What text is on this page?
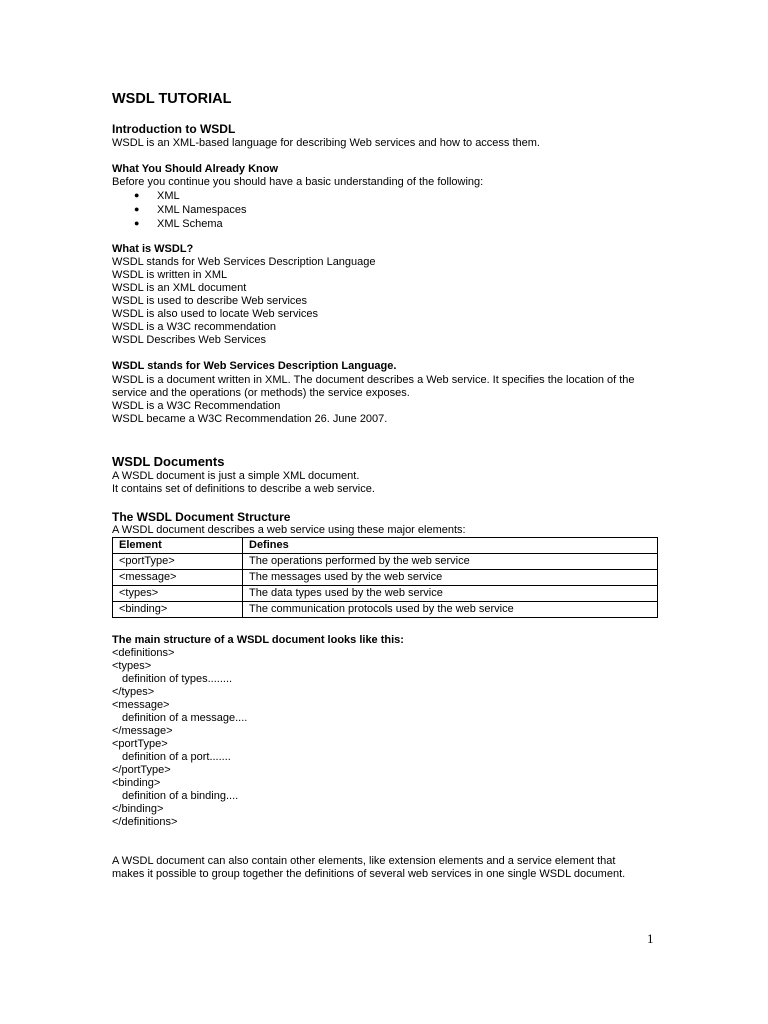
WSDL TUTORIAL
Introduction to WSDL
WSDL is an XML-based language for describing Web services and how to access them.
What You Should Already Know
Before you continue you should have a basic understanding of the following:
● XML
● XML Namespaces
● XML Schema
What is WSDL?
WSDL stands for Web Services Description Language
WSDL is written in XML
WSDL is an XML document
WSDL is used to describe Web services
WSDL is also used to locate Web services
WSDL is a W3C recommendation
WSDL Describes Web Services
WSDL stands for Web Services Description Language.
WSDL is a document written in XML. The document describes a Web service. It specifies the location of the
service and the operations (or methods) the service exposes.
WSDL is a W3C Recommendation
WSDL became a W3C Recommendation 26. June 2007.
WSDL Documents
A WSDL document is just a simple XML document.
It contains set of definitions to describe a web service.
The WSDL Document Structure
A WSDL document describes a web service using these major elements:
Element	Defines
<portType>	The operations performed by the web service
<message>	The messages used by the web service
<types>	The data types used by the web service
<binding>	The communication protocols used by the web service
The main structure of a WSDL document looks like this:
<definitions>
<types>
definition of types........
</types>
<message>
definition of a message....
</message>
<portType>
definition of a port.......
</portType>
<binding>
definition of a binding....
</binding>
</definitions>
A WSDL document can also contain other elements, like extension elements and a service element that
makes it possible to group together the definitions of several web services in one single WSDL document.
1
